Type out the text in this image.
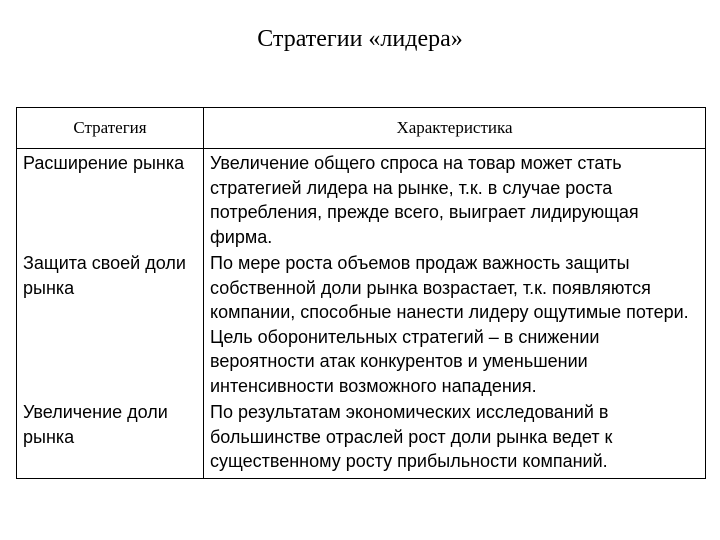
Стратегии «лидера»
Стратегия	Характеристика
Расширение рынка	Увеличение общего спроса на товар может стать стратегией лидера на рынке, т.к. в случае роста потребления, прежде всего, выиграет лидирующая фирма.
Защита своей доли рынка	По мере роста объемов продаж важность защиты собственной доли рынка возрастает, т.к. появляются компании, способные нанести лидеру ощутимые потери. Цель оборонительных стратегий – в снижении вероятности атак конкурентов и уменьшении интенсивности возможного нападения.
Увеличение доли рынка	По результатам экономических исследований в большинстве отраслей рост доли рынка ведет к существенному росту прибыльности компаний.
